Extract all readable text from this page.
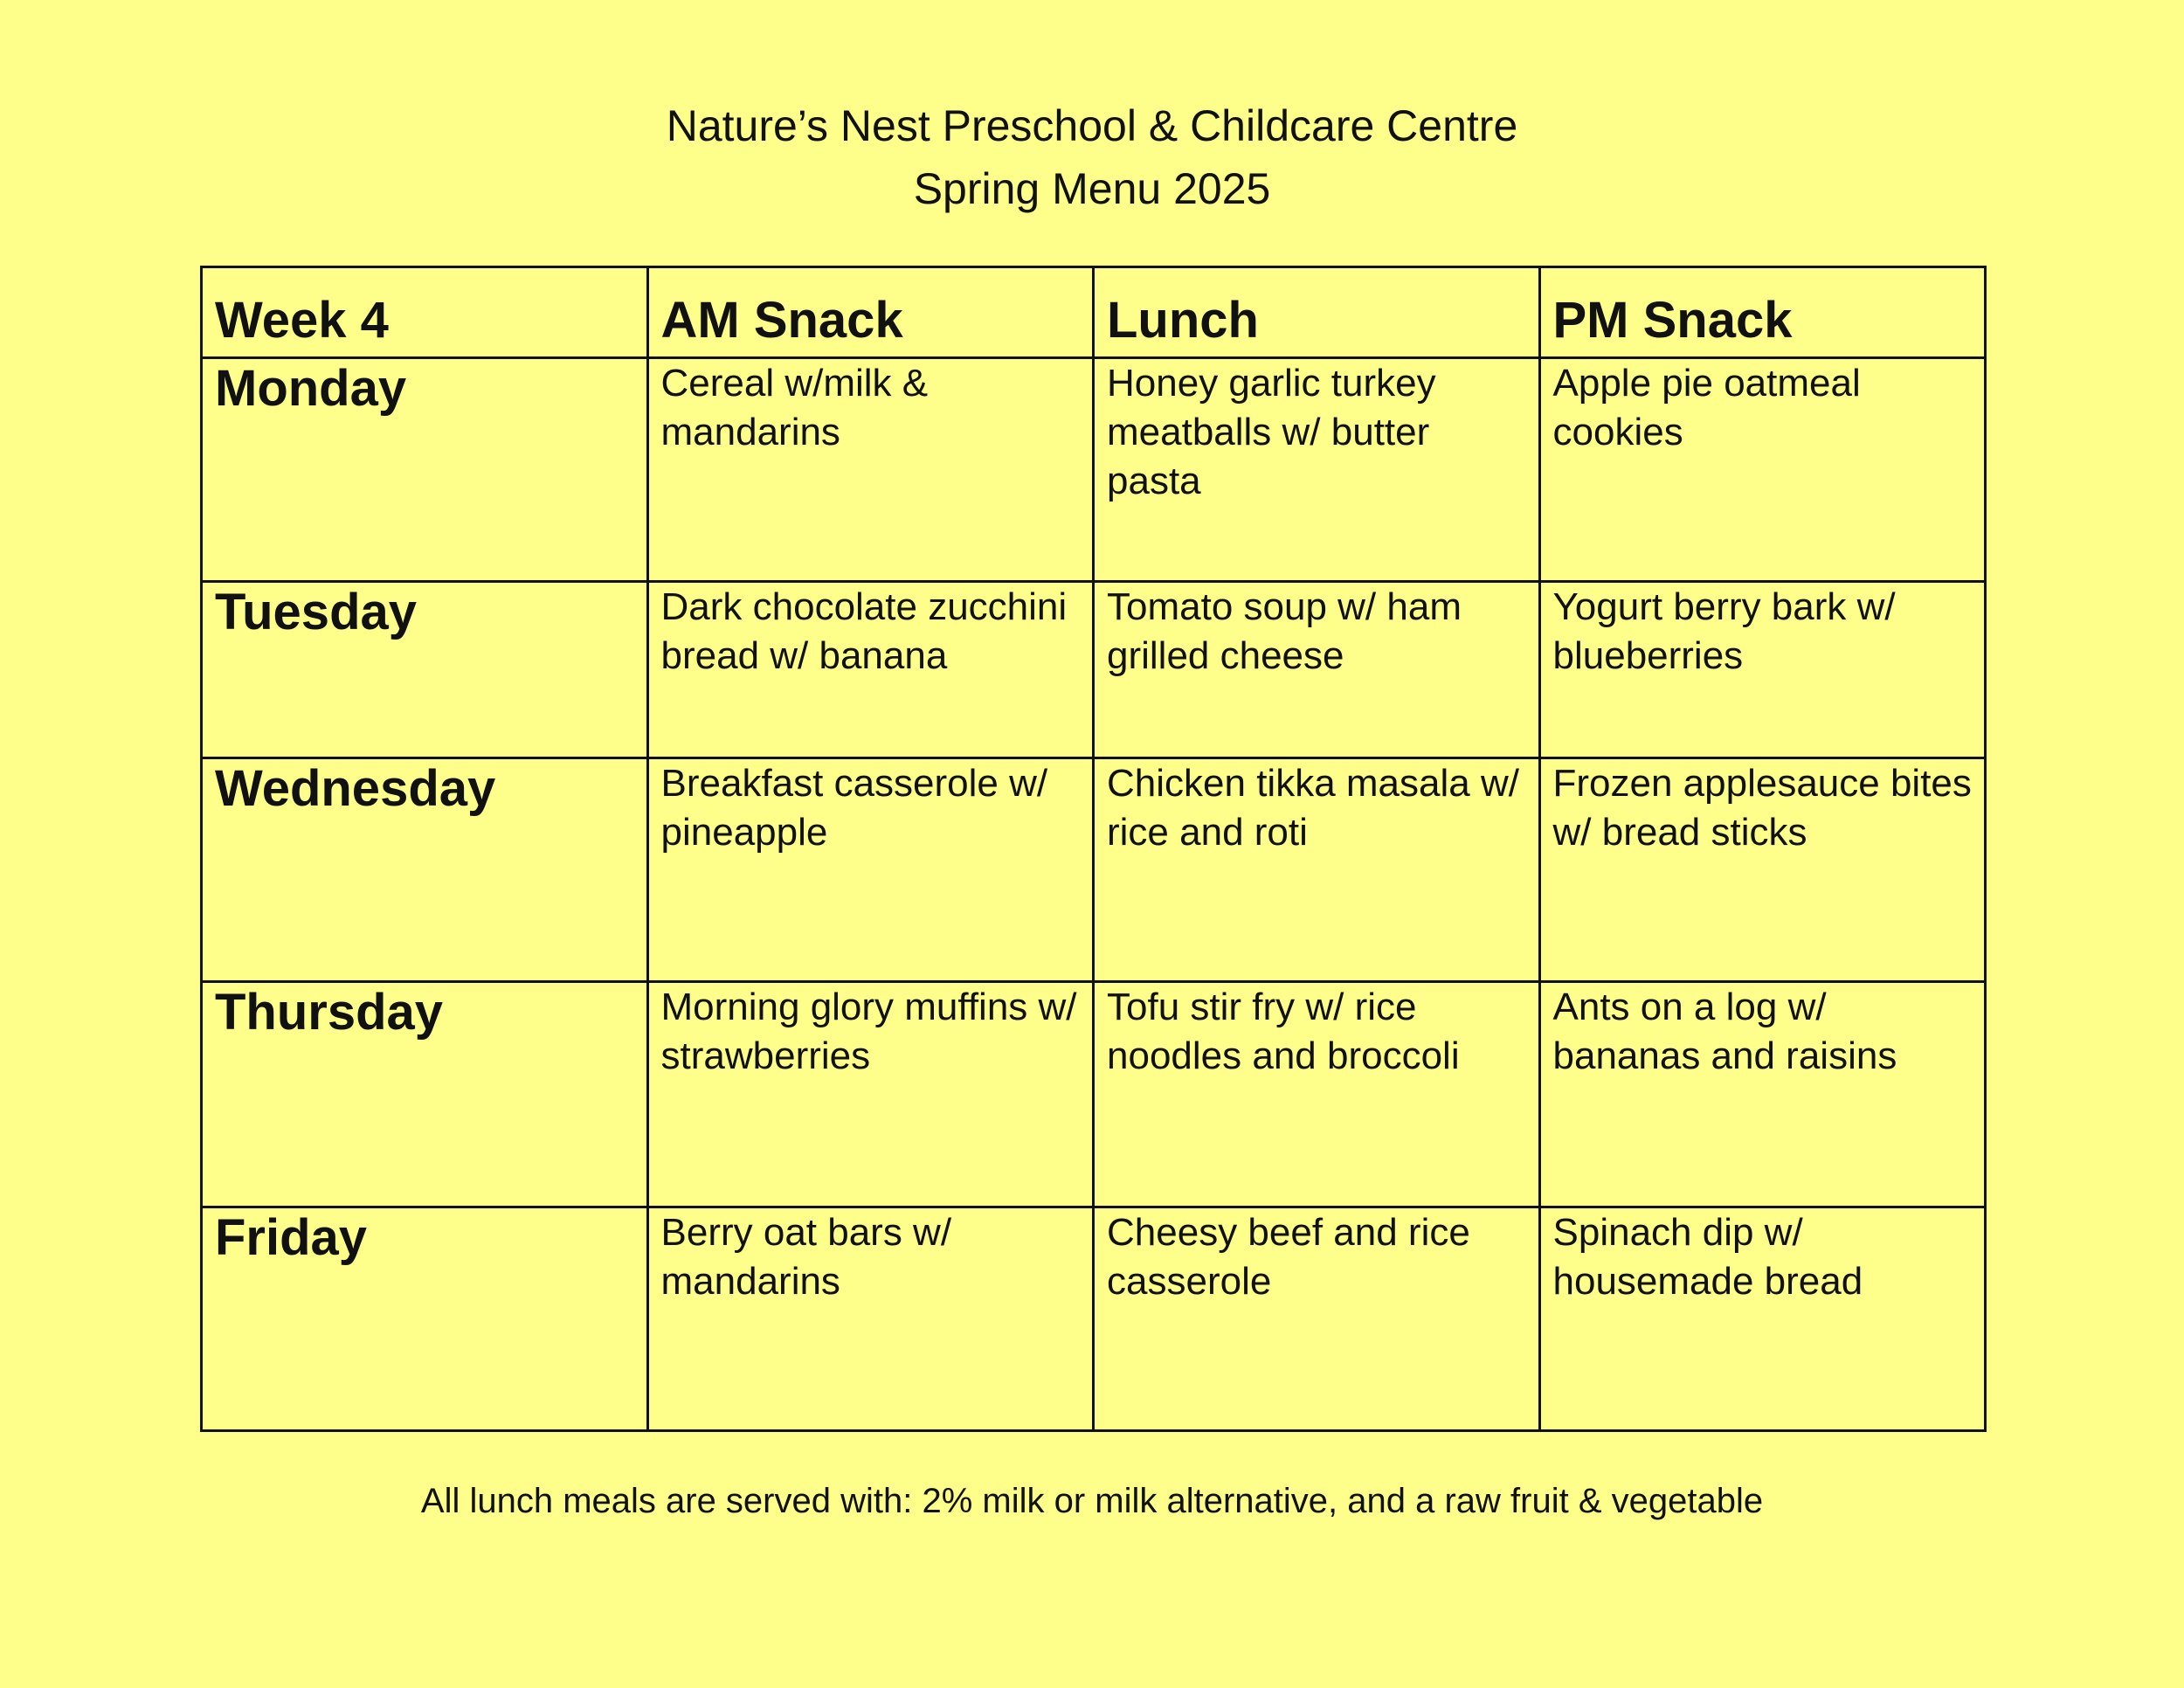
Nature’s Nest Preschool & Childcare Centre

Spring Menu 2025

Week 4	AM Snack	Lunch	PM Snack
Monday	Cereal w/milk & mandarins	Honey garlic turkey meatballs w/ butter pasta	Apple pie oatmeal cookies
Tuesday	Dark chocolate zucchini bread w/ banana	Tomato soup w/ ham grilled cheese	Yogurt berry bark w/ blueberries
Wednesday	Breakfast casserole w/ pineapple	Chicken tikka masala w/ rice and roti	Frozen applesauce bites w/ bread sticks
Thursday	Morning glory muffins w/ strawberries	Tofu stir fry w/ rice noodles and broccoli	Ants on a log w/ bananas and raisins
Friday	Berry oat bars w/ mandarins	Cheesy beef and rice casserole	Spinach dip w/ housemade bread
All lunch meals are served with: 2% milk or milk alternative, and a raw fruit & vegetable
